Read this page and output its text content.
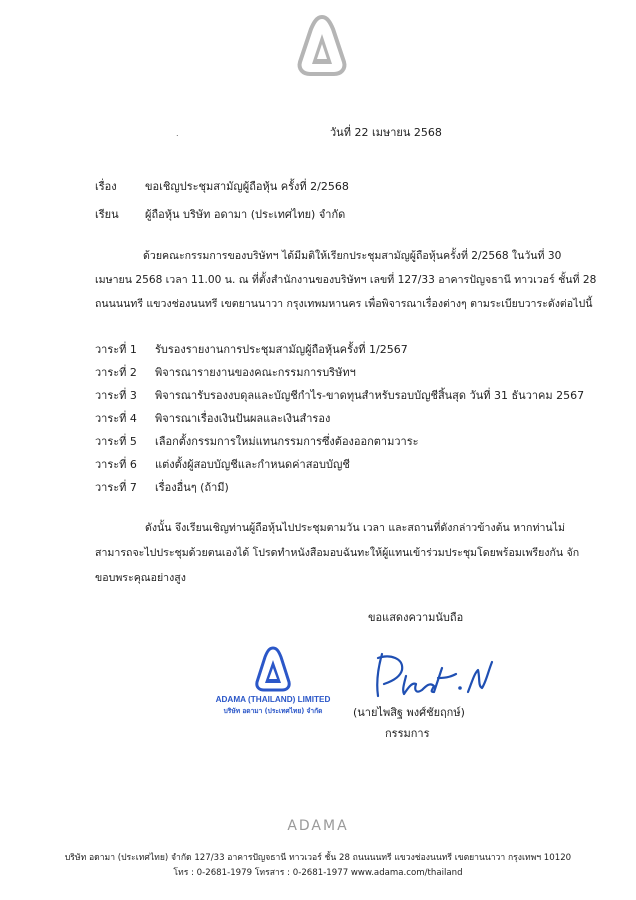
.	วันที่ 22 เมษายน 2568
เรื่อง	ขอเชิญประชุมสามัญผู้ถือหุ้น ครั้งที่ 2/2568
เรียน ผู้ถือหุ้น บริษัท อดามา (ประเทศไทย) จำกัด
ด้วยคณะกรรมการของบริษัทฯ ได้มีมติให้เรียกประชุมสามัญผู้ถือหุ้นครั้งที่ 2/2568 ในวันที่ 30
เมษายน 2568 เวลา 11.00 น. ณ ที่ตั้งสำนักงานของบริษัทฯ เลขที่ 127/33 อาคารปัญจธานี ทาวเวอร์ ชั้นที่ 28
ถนนนนทรี แขวงช่องนนทรี เขตยานนาวา กรุงเทพมหานคร เพื่อพิจารณาเรื่องต่างๆ ตามระเบียบวาระดังต่อไปนี้
วาระที่ 1 รับรองรายงานการประชุมสามัญผู้ถือหุ้นครั้งที่ 1/2567
วาระที่ 2 พิจารณารายงานของคณะกรรมการบริษัทฯ
วาระที่ 3 พิจารณารับรองงบดุลและบัญชีกำไร-ขาดทุนสำหรับรอบบัญชีสิ้นสุด วันที่ 31 ธันวาคม 2567
วาระที่ 4 พิจารณาเรื่องเงินปันผลและเงินสำรอง
วาระที่ 5 เลือกตั้งกรรมการใหม่แทนกรรมการซึ่งต้องออกตามวาระ
วาระที่ 6 แต่งตั้งผู้สอบบัญชีและกำหนดค่าสอบบัญชี
วาระที่ 7 เรื่องอื่นๆ (ถ้ามี)
ดังนั้น จึงเรียนเชิญท่านผู้ถือหุ้นไปประชุมตามวัน เวลา และสถานที่ดังกล่าวข้างต้น หากท่านไม่
สามารถจะไปประชุมด้วยตนเองได้ โปรดทำหนังสือมอบฉันทะให้ผู้แทนเข้าร่วมประชุมโดยพร้อมเพรียงกัน จัก
ขอบพระคุณอย่างสูง
ขอแสดงความนับถือ
ADAMA (THAILAND) LIMITED
บริษัท อดามา (ประเทศไทย) จำกัด	(นายไพสิฐ พงศ์ชัยฤกษ์)
กรรมการ
ADAMA
บริษัท อดามา (ประเทศไทย) จำกัด 127/33 อาคารปัญจธานี ทาวเวอร์ ชั้น 28 ถนนนนทรี แขวงช่องนนทรี เขตยานนาวา กรุงเทพฯ 10120
โทร : 0-2681-1979 โทรสาร : 0-2681-1977 www.adama.com/thailand
